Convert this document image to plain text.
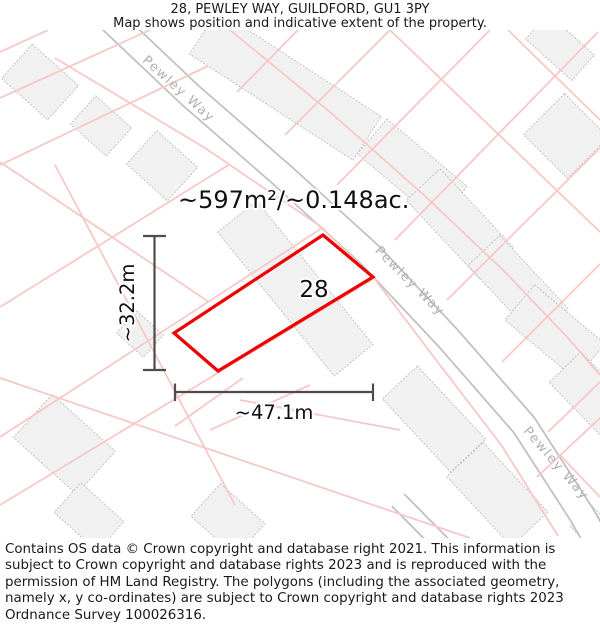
28, PEWLEY WAY, GUILDFORD, GU1 3PY
Map shows position and indicative extent of the property.
Pewley Way
Pewley Way
Pewley Way
~32.2m
~47.1m
~597m²/~0.148ac.
28

Contains OS data © Crown copyright and database right 2021. This information is subject to Crown copyright and database rights 2023 and is reproduced with the permission of HM Land Registry. The polygons (including the associated geometry, namely x, y co-ordinates) are subject to Crown copyright and database rights 2023 Ordnance Survey 100026316.
